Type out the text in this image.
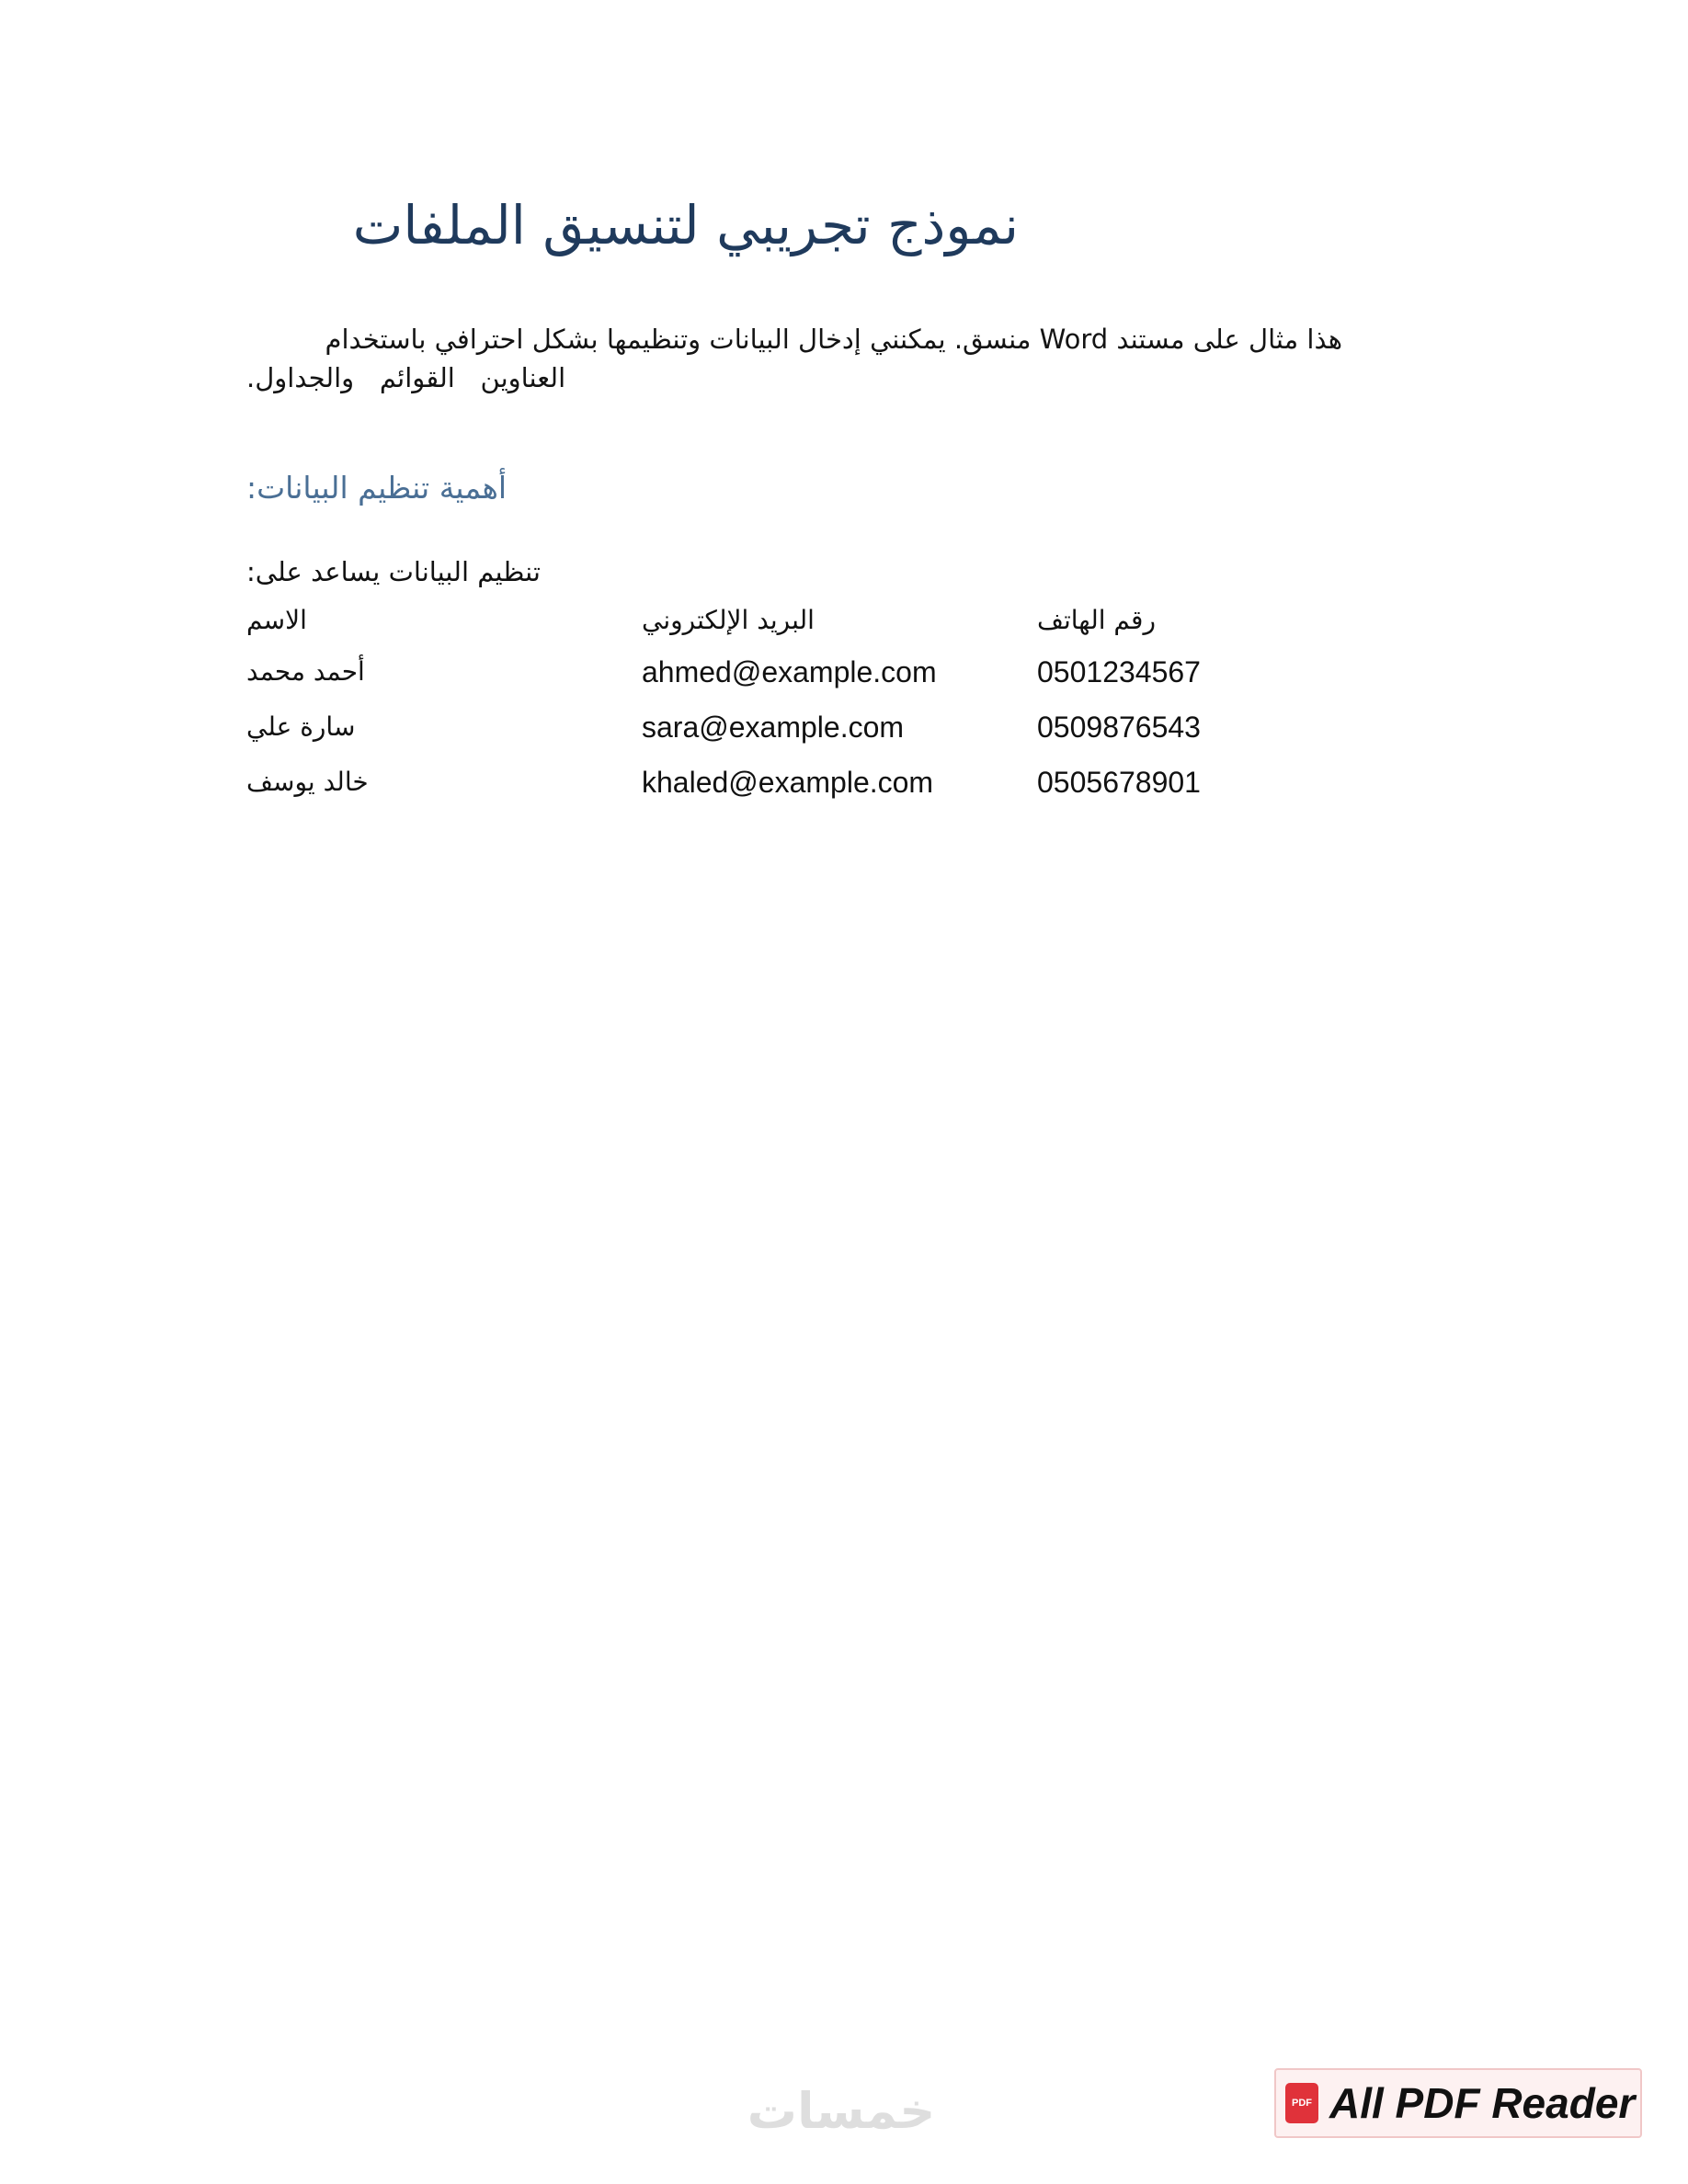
نموذج تجريبي لتنسيق الملفات
هذا مثال على مستند Word منسق. يمكنني إدخال البيانات وتنظيمها بشكل احترافي باستخدام
العناوين   القوائم   والجداول.
أهمية تنظيم البيانات:
تنظيم البيانات يساعد على:
الاسم	البريد الإلكتروني	رقم الهاتف
أحمد محمد	ahmed@example.com	0501234567
سارة علي	sara@example.com	0509876543
خالد يوسف	khaled@example.com	0505678901
خمسات	PDF All PDF Reader
